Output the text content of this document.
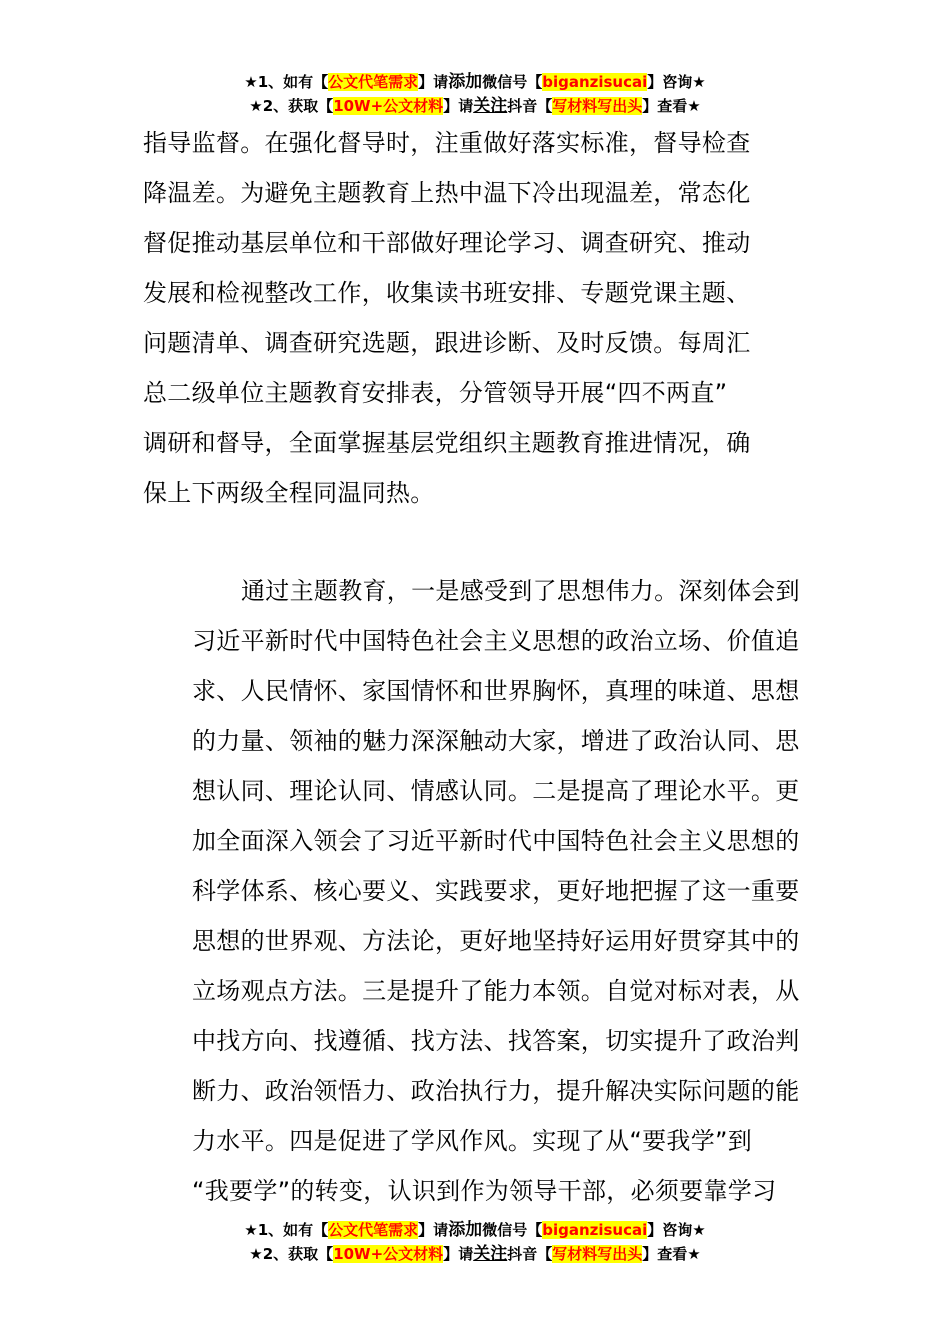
★1、如有【公文代笔需求】请添加微信号【biganzisucai】咨询★
★2、获取【10W+公文材料】请关注抖音【写材料写出头】查看★

指导监督。在强化督导时，注重做好落实标准，督导检查
降温差。为避免主题教育上热中温下冷出现温差，常态化
督促推动基层单位和干部做好理论学习、调查研究、推动
发展和检视整改工作，收集读书班安排、专题党课主题、
问题清单、调查研究选题，跟进诊断、及时反馈。每周汇
总二级单位主题教育安排表，分管领导开展“四不两直”
调研和督导，全面掌握基层党组织主题教育推进情况，确
保上下两级全程同温同热。

通过主题教育，一是感受到了思想伟力。深刻体会到
习近平新时代中国特色社会主义思想的政治立场、价值追
求、人民情怀、家国情怀和世界胸怀，真理的味道、思想
的力量、领袖的魅力深深触动大家，增进了政治认同、思
想认同、理论认同、情感认同。二是提高了理论水平。更
加全面深入领会了习近平新时代中国特色社会主义思想的
科学体系、核心要义、实践要求，更好地把握了这一重要
思想的世界观、方法论，更好地坚持好运用好贯穿其中的
立场观点方法。三是提升了能力本领。自觉对标对表，从
中找方向、找遵循、找方法、找答案，切实提升了政治判
断力、政治领悟力、政治执行力，提升解决实际问题的能
力水平。四是促进了学风作风。实现了从“要我学”到
“我要学”的转变，认识到作为领导干部，必须要靠学习

★1、如有【公文代笔需求】请添加微信号【biganzisucai】咨询★
★2、获取【10W+公文材料】请关注抖音【写材料写出头】查看★
